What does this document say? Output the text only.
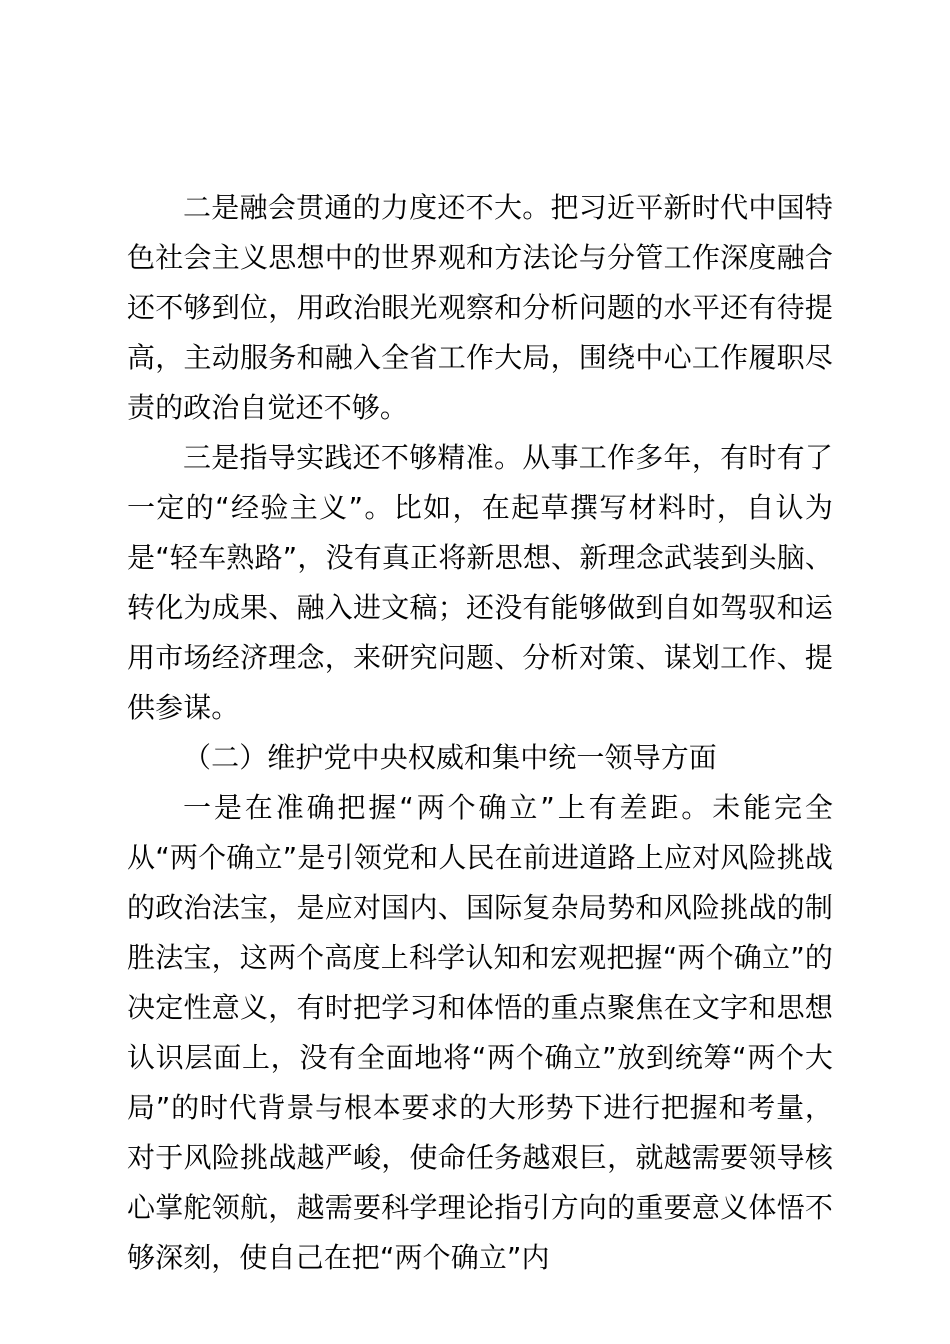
二是融会贯通的力度还不大。把习近平新时代中国特色社会主义思想中的世界观和方法论与分管工作深度融合还不够到位，用政治眼光观察和分析问题的水平还有待提高，主动服务和融入全省工作大局，围绕中心工作履职尽责的政治自觉还不够。

三是指导实践还不够精准。从事工作多年，有时有了一定的“经验主义”。比如，在起草撰写材料时，自认为是“轻车熟路”，没有真正将新思想、新理念武装到头脑、转化为成果、融入进文稿；还没有能够做到自如驾驭和运用市场经济理念，来研究问题、分析对策、谋划工作、提供参谋。

（二）维护党中央权威和集中统一领导方面

一是在准确把握“两个确立”上有差距。未能完全从“两个确立”是引领党和人民在前进道路上应对风险挑战的政治法宝，是应对国内、国际复杂局势和风险挑战的制胜法宝，这两个高度上科学认知和宏观把握“两个确立”的决定性意义，有时把学习和体悟的重点聚焦在文字和思想认识层面上，没有全面地将“两个确立”放到统筹“两个大局”的时代背景与根本要求的大形势下进行把握和考量，对于风险挑战越严峻，使命任务越艰巨，就越需要领导核心掌舵领航，越需要科学理论指引方向的重要意义体悟不够深刻，使自己在把“两个确立”内
